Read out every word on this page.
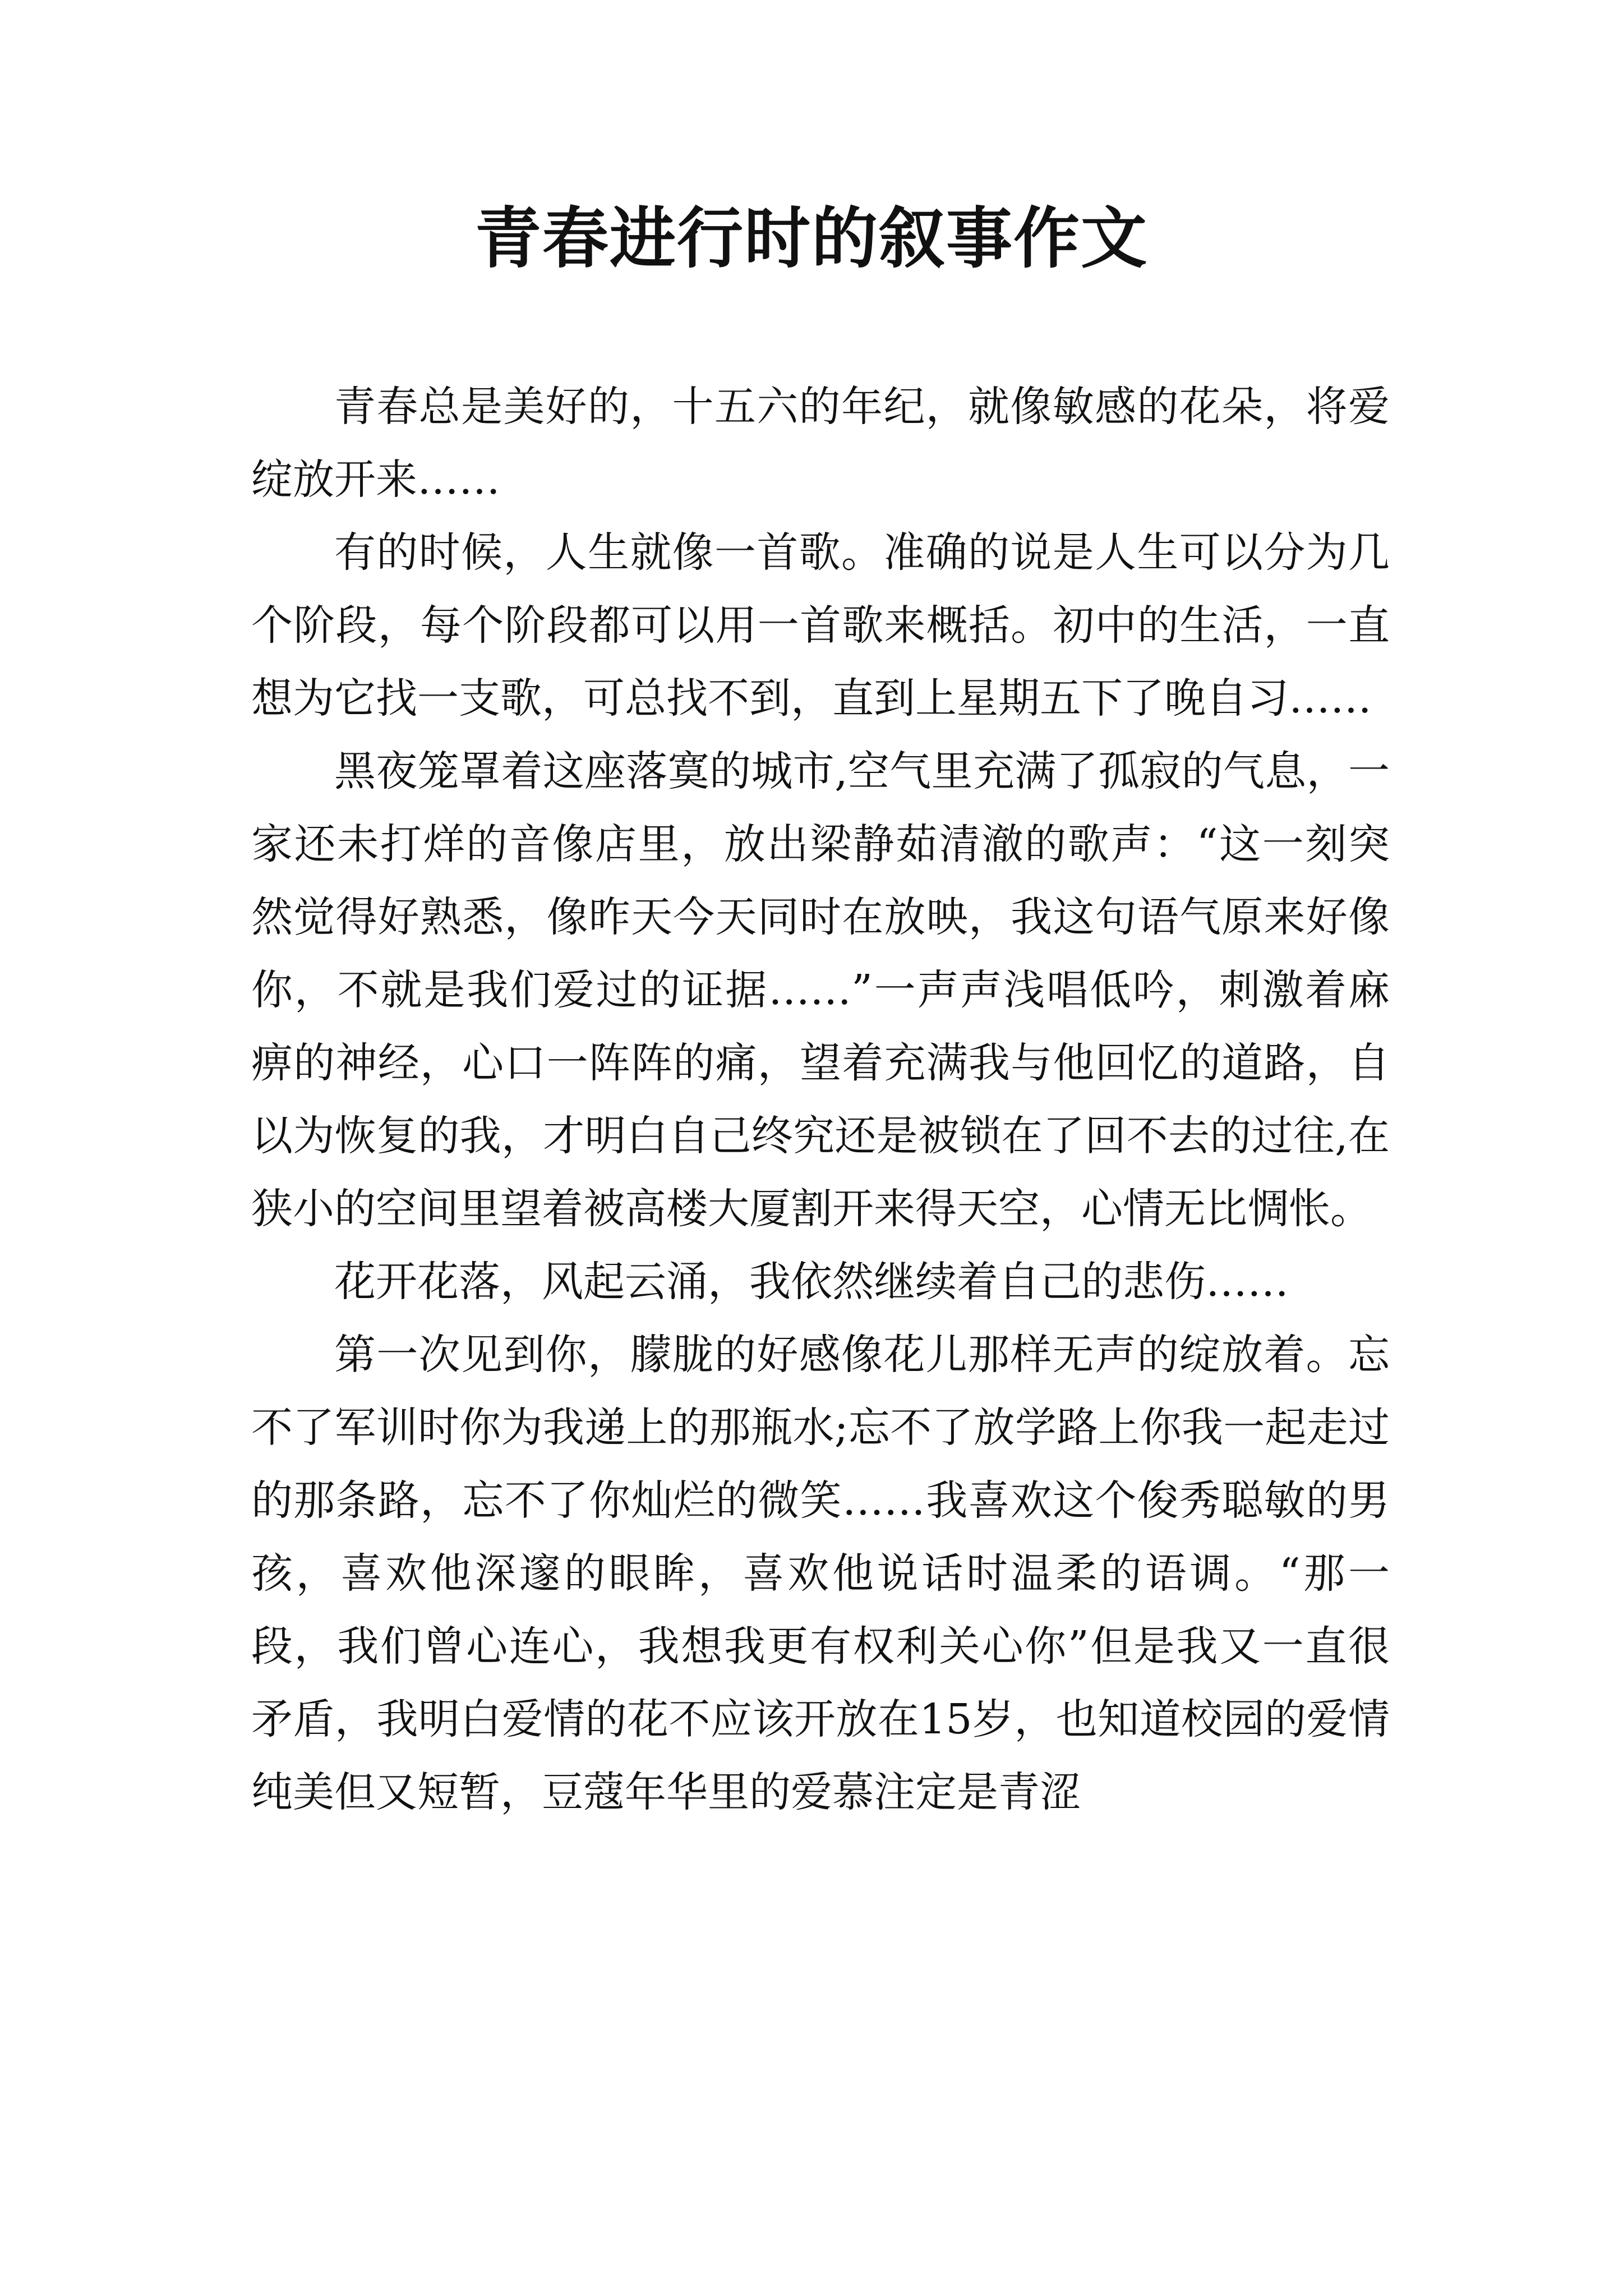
青春进行时的叙事作文

青春总是美好的，十五六的年纪，就像敏感的花朵，将爱绽放开来……

有的时候，人生就像一首歌。准确的说是人生可以分为几个阶段，每个阶段都可以用一首歌来概括。初中的生活，一直想为它找一支歌，可总找不到，直到上星期五下了晚自习……

黑夜笼罩着这座落寞的城市,空气里充满了孤寂的气息，一家还未打烊的音像店里，放出梁静茹清澈的歌声：“这一刻突然觉得好熟悉，像昨天今天同时在放映，我这句语气原来好像你，不就是我们爱过的证据……”一声声浅唱低吟，刺激着麻痹的神经，心口一阵阵的痛，望着充满我与他回忆的道路，自以为恢复的我，才明白自己终究还是被锁在了回不去的过往,在狭小的空间里望着被高楼大厦割开来得天空，心情无比惆怅。

花开花落，风起云涌，我依然继续着自己的悲伤……

第一次见到你，朦胧的好感像花儿那样无声的绽放着。忘不了军训时你为我递上的那瓶水;忘不了放学路上你我一起走过的那条路，忘不了你灿烂的微笑……我喜欢这个俊秀聪敏的男孩，喜欢他深邃的眼眸，喜欢他说话时温柔的语调。“那一段，我们曾心连心，我想我更有权利关心你”但是我又一直很矛盾，我明白爱情的花不应该开放在15岁，也知道校园的爱情纯美但又短暂，豆蔻年华里的爱慕注定是青涩
